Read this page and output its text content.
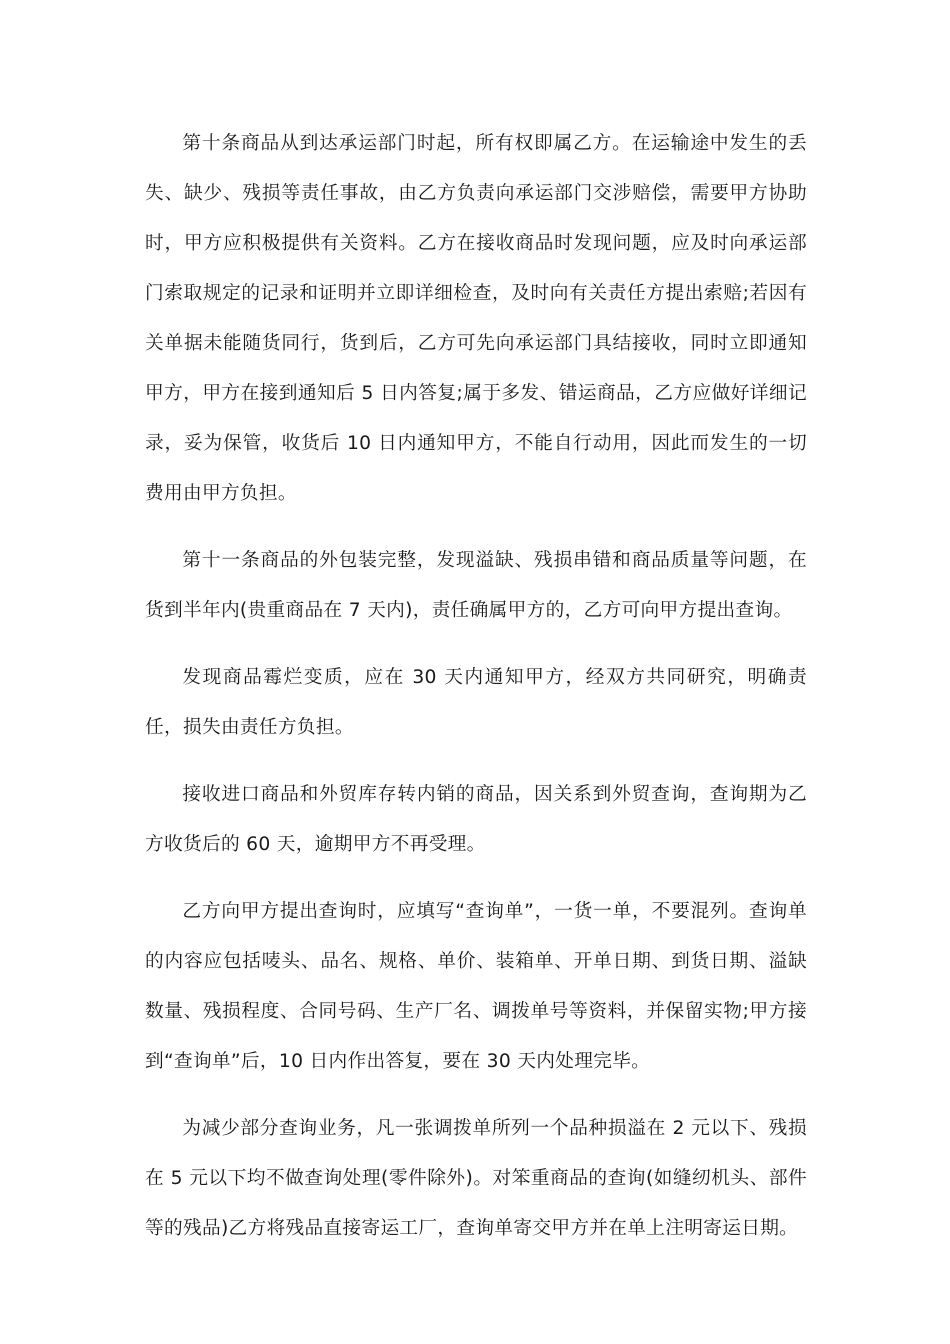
第十条商品从到达承运部门时起，所有权即属乙方。在运输途中发生的丢失、缺少、残损等责任事故，由乙方负责向承运部门交涉赔偿，需要甲方协助时，甲方应积极提供有关资料。乙方在接收商品时发现问题，应及时向承运部门索取规定的记录和证明并立即详细检查，及时向有关责任方提出索赔;若因有关单据未能随货同行，货到后，乙方可先向承运部门具结接收，同时立即通知甲方，甲方在接到通知后 5 日内答复;属于多发、错运商品，乙方应做好详细记录，妥为保管，收货后 10 日内通知甲方，不能自行动用，因此而发生的一切费用由甲方负担。

第十一条商品的外包装完整，发现溢缺、残损串错和商品质量等问题，在货到半年内(贵重商品在 7 天内)，责任确属甲方的，乙方可向甲方提出查询。

发现商品霉烂变质，应在 30 天内通知甲方，经双方共同研究，明确责任，损失由责任方负担。

接收进口商品和外贸库存转内销的商品，因关系到外贸查询，查询期为乙方收货后的 60 天，逾期甲方不再受理。

乙方向甲方提出查询时，应填写“查询单”，一货一单，不要混列。查询单的内容应包括唛头、品名、规格、单价、装箱单、开单日期、到货日期、溢缺数量、残损程度、合同号码、生产厂名、调拨单号等资料，并保留实物;甲方接到“查询单”后，10 日内作出答复，要在 30 天内处理完毕。

为减少部分查询业务，凡一张调拨单所列一个品种损溢在 2 元以下、残损在 5 元以下均不做查询处理(零件除外)。对笨重商品的查询(如缝纫机头、部件等的残品)乙方将残品直接寄运工厂，查询单寄交甲方并在单上注明寄运日期。
